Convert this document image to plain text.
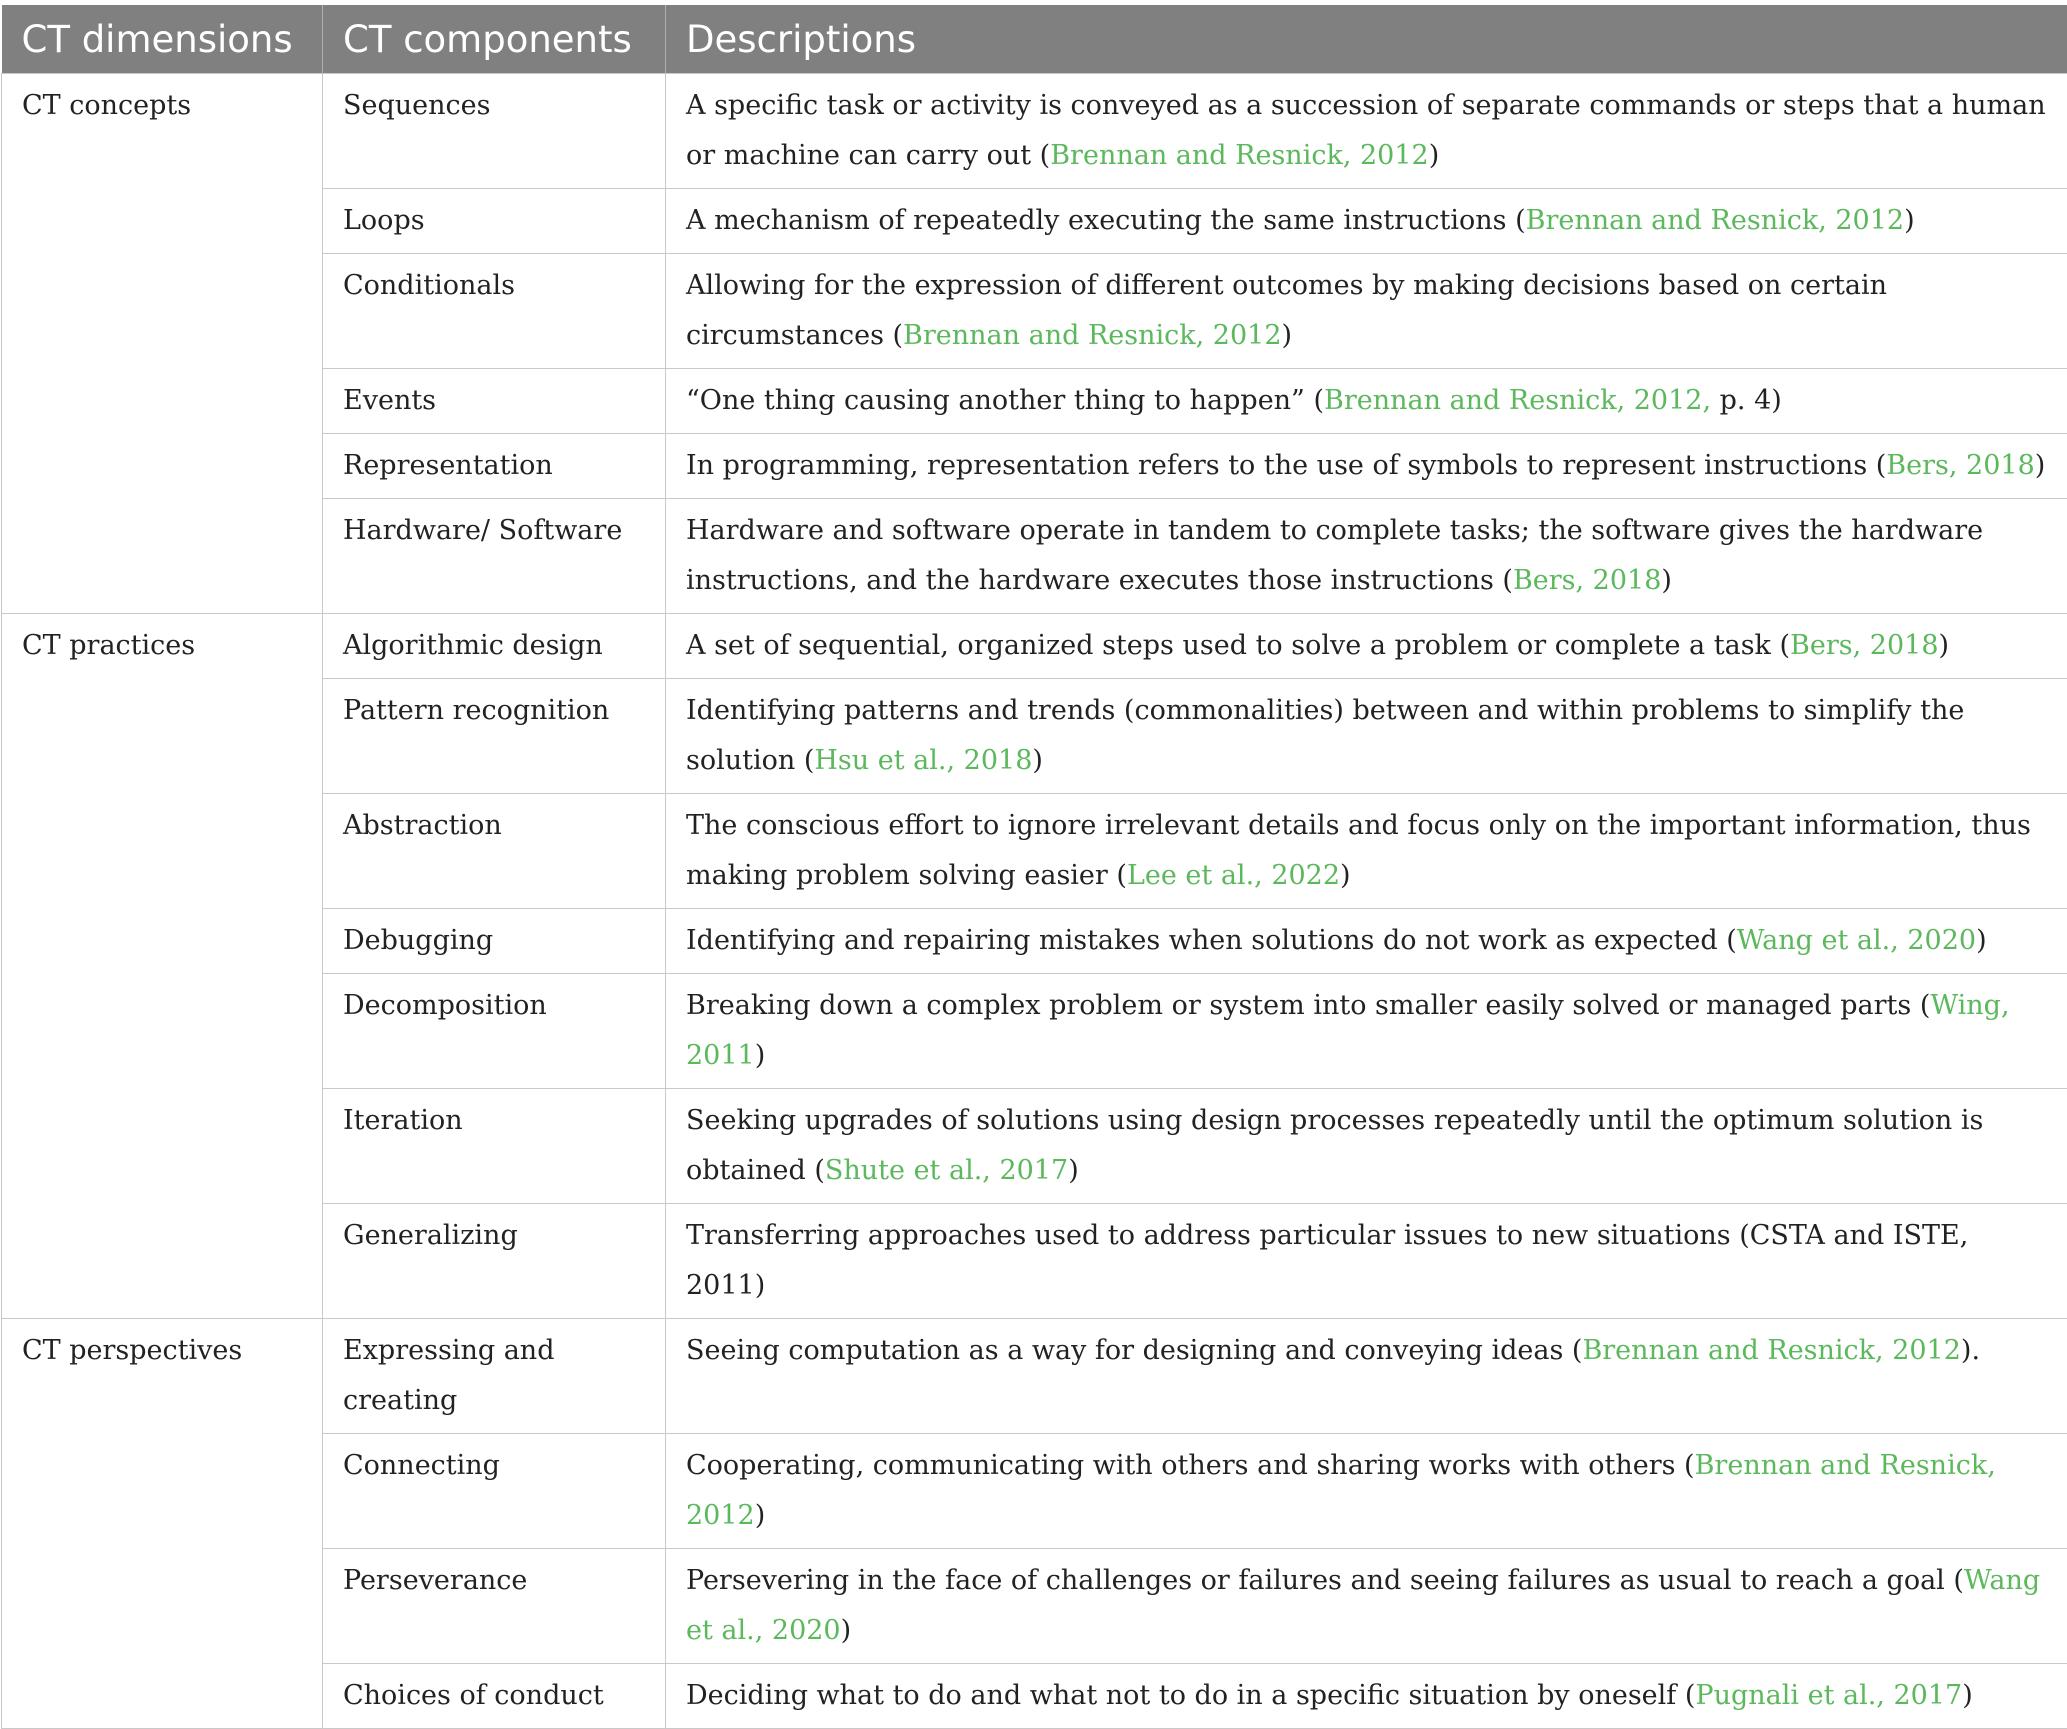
CT dimensions	CT components	Descriptions
CT concepts	Sequences	A specific task or activity is conveyed as a succession of separate commands or steps that a human or machine can carry out (Brennan and Resnick, 2012)
	Loops	A mechanism of repeatedly executing the same instructions (Brennan and Resnick, 2012)
	Conditionals	Allowing for the expression of different outcomes by making decisions based on certain circumstances (Brennan and Resnick, 2012)
	Events	“One thing causing another thing to happen” (Brennan and Resnick, 2012, p. 4)
	Representation	In programming, representation refers to the use of symbols to represent instructions (Bers, 2018)
	Hardware/ Software	Hardware and software operate in tandem to complete tasks; the software gives the hardware instructions, and the hardware executes those instructions (Bers, 2018)
CT practices	Algorithmic design	A set of sequential, organized steps used to solve a problem or complete a task (Bers, 2018)
	Pattern recognition	Identifying patterns and trends (commonalities) between and within problems to simplify the solution (Hsu et al., 2018)
	Abstraction	The conscious effort to ignore irrelevant details and focus only on the important information, thus making problem solving easier (Lee et al., 2022)
	Debugging	Identifying and repairing mistakes when solutions do not work as expected (Wang et al., 2020)
	Decomposition	Breaking down a complex problem or system into smaller easily solved or managed parts (Wing, 2011)
	Iteration	Seeking upgrades of solutions using design processes repeatedly until the optimum solution is obtained (Shute et al., 2017)
	Generalizing	Transferring approaches used to address particular issues to new situations (CSTA and ISTE, 2011)
CT perspectives	Expressing and creating	Seeing computation as a way for designing and conveying ideas (Brennan and Resnick, 2012).
	Connecting	Cooperating, communicating with others and sharing works with others (Brennan and Resnick, 2012)
	Perseverance	Persevering in the face of challenges or failures and seeing failures as usual to reach a goal (Wang et al., 2020)
	Choices of conduct	Deciding what to do and what not to do in a specific situation by oneself (Pugnali et al., 2017)
